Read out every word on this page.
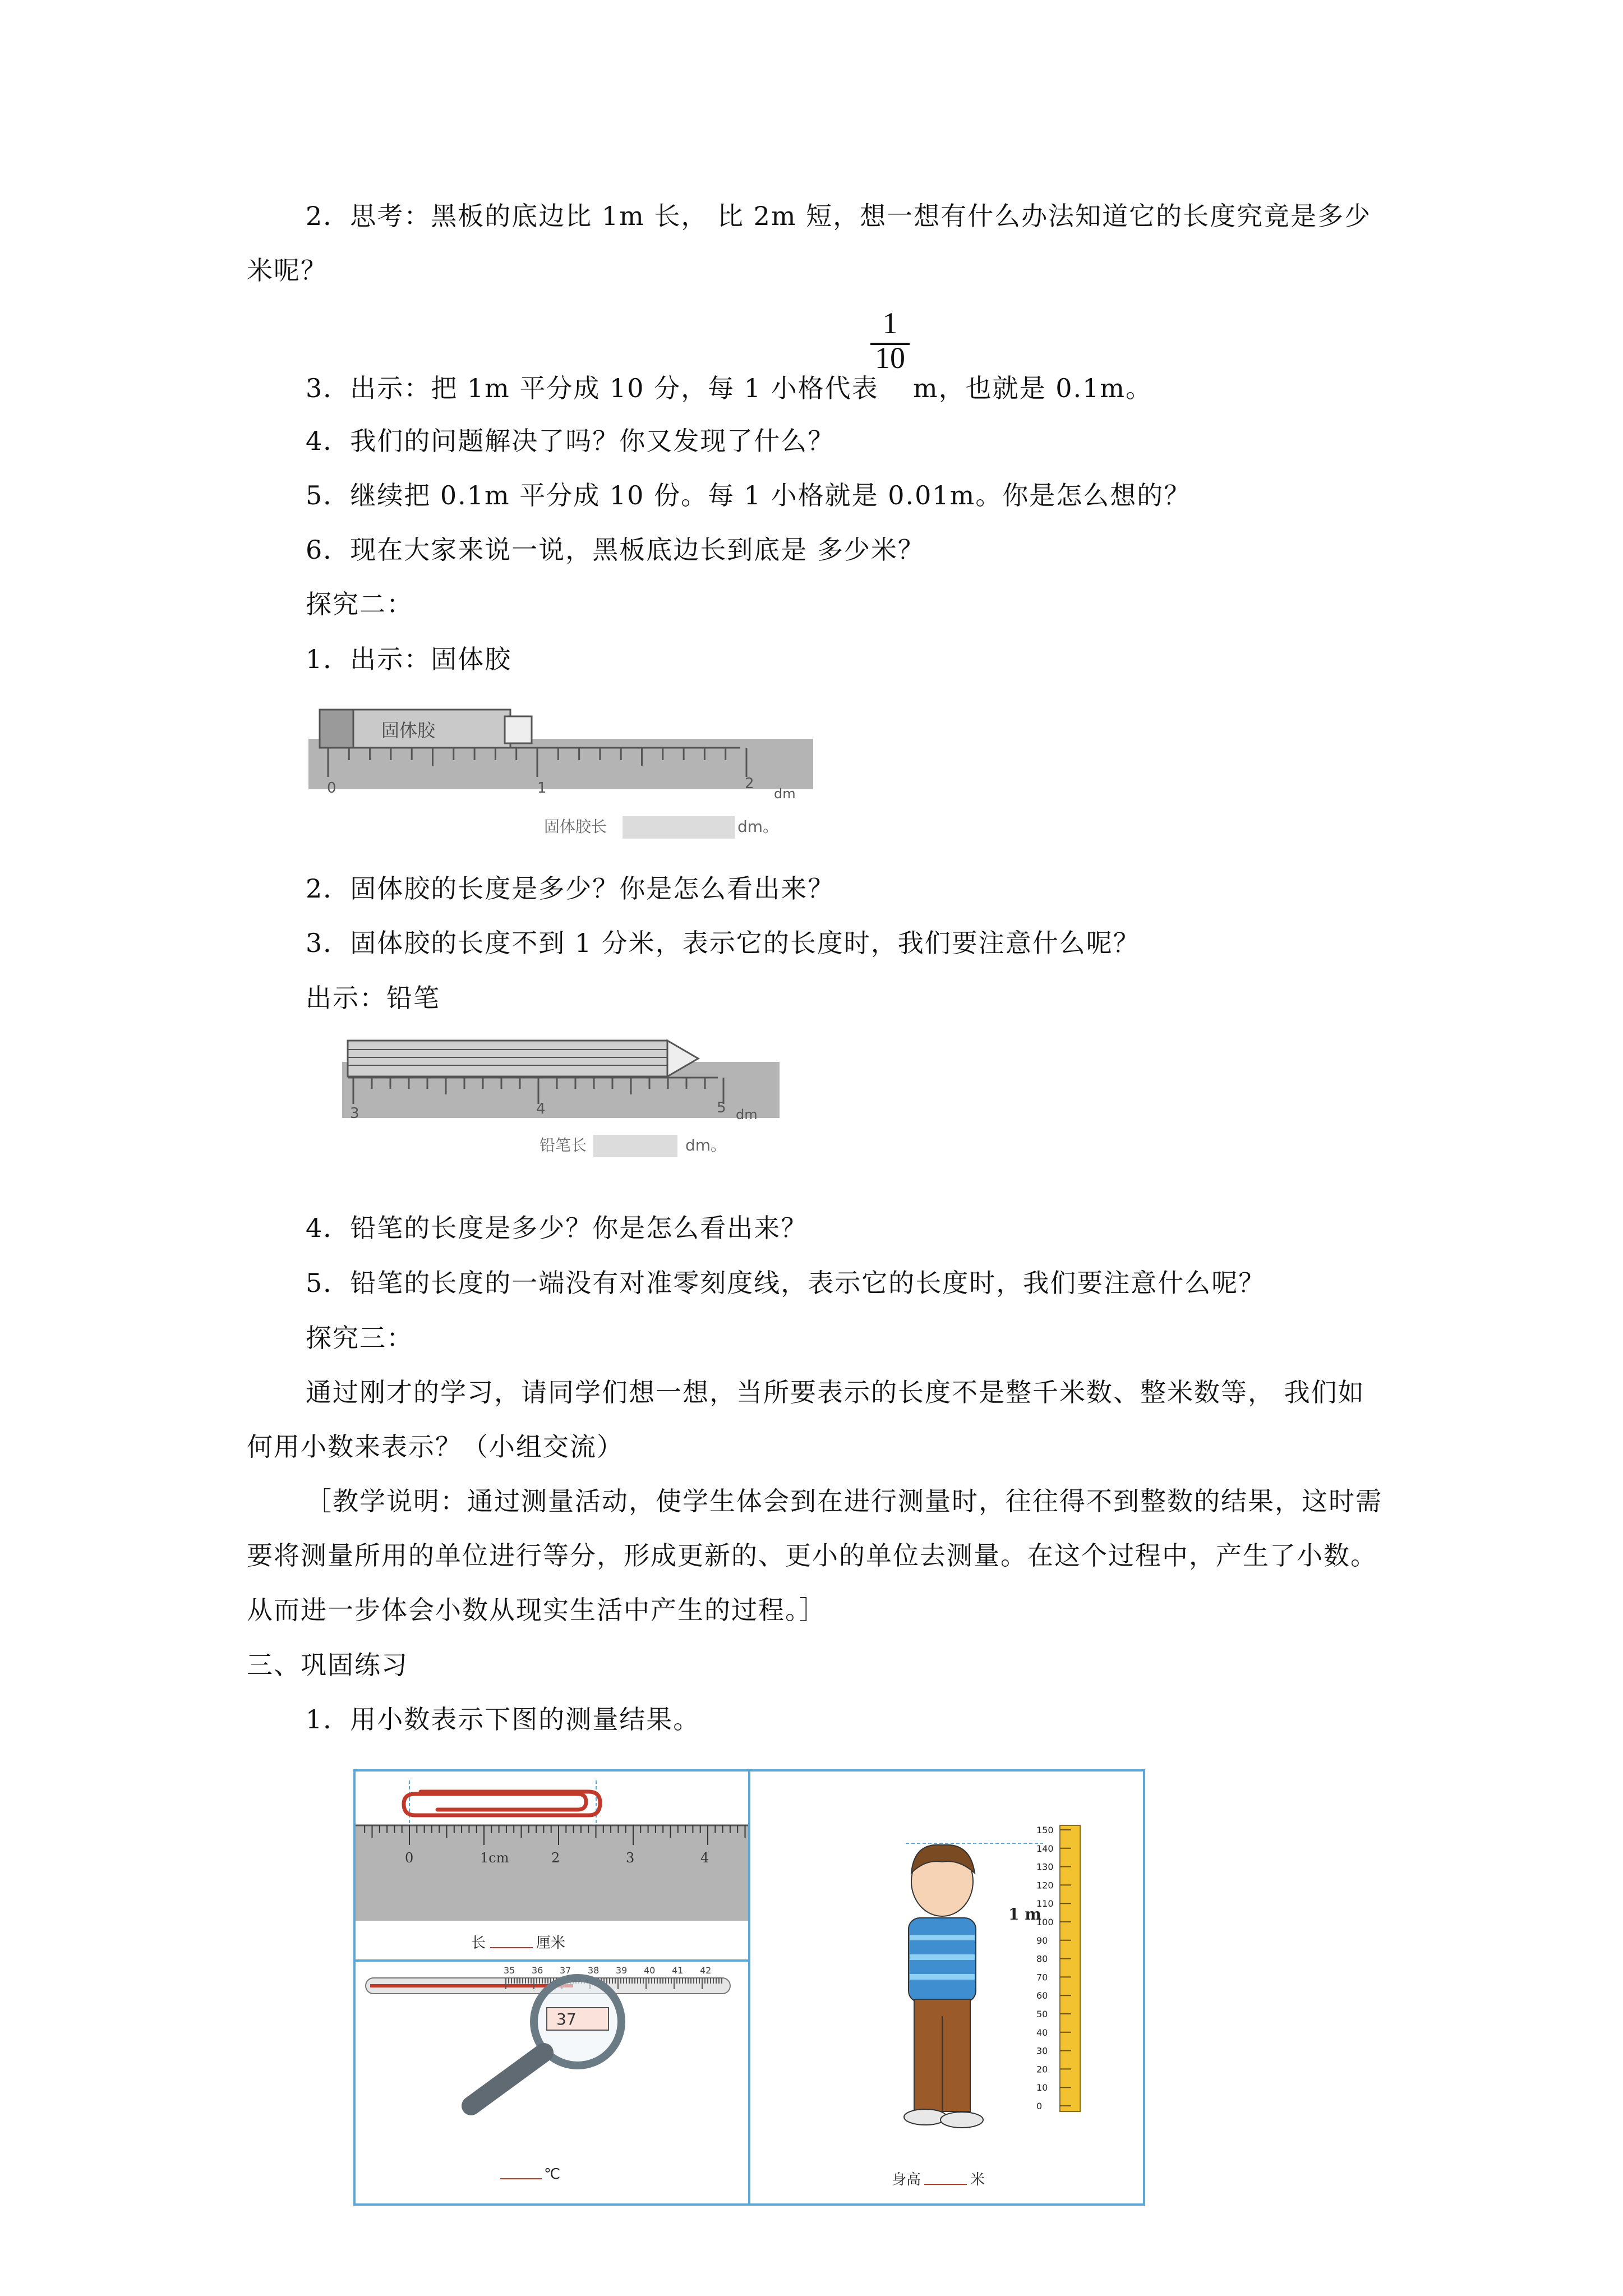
2．思考：黑板的底边比 1m 长， 比 2m 短，想一想有什么办法知道它的长度究竟是多少
米呢？
1
10
3．出示：把 1m 平分成 10 分，每 1 小格代表 m，也就是 0.1m。
4．我们的问题解决了吗？你又发现了什么？
5．继续把 0.1m 平分成 10 份。每 1 小格就是 0.01m。你是怎么想的？
6．现在大家来说一说，黑板底边长到底是 多少米？
探究二：
1．出示：固体胶
固体胶
0	1	2
dm
固体胶长	dm。
2．固体胶的长度是多少？你是怎么看出来？
3．固体胶的长度不到 1 分米，表示它的长度时，我们要注意什么呢？
出示：铅笔
3	4	5 dm
铅笔长	dm。
4．铅笔的长度是多少？你是怎么看出来？
5．铅笔的长度的一端没有对准零刻度线，表示它的长度时，我们要注意什么呢？
探究三：
通过刚才的学习，请同学们想一想，当所要表示的长度不是整千米数、整米数等， 我们如何用小数来表示？（小组交流）
［教学说明：通过测量活动，使学生体会到在进行测量时，往往得不到整数的结果，这时需要将测量所用的单位进行等分，形成更新的、更小的单位去测量。在这个过程中，产生了小数。从而进一步体会小数从现实生活中产生的过程。］
三、巩固练习
1．用小数表示下图的测量结果。
0	1cm	2	3	4
长	厘米
35 36 37 38 39 40 41 42
37
℃
150
140
130
120
110
100
90
80
70
60
50
40
30
20
10
0
1 m
身高	米
